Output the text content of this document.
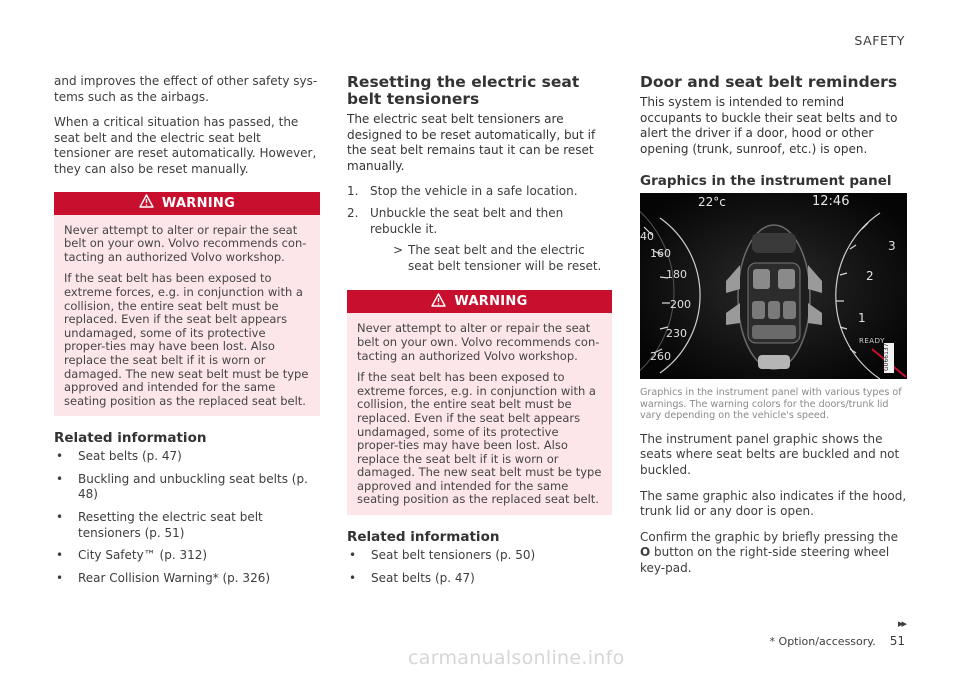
SAFETY

and improves the effect of other safety sys-tems such as the airbags.

When a critical situation has passed, the seat belt and the electric seat belt tensioner are reset automatically. However, they can also be reset manually.

WARNING

Never attempt to alter or repair the seat belt on your own. Volvo recommends con-tacting an authorized Volvo workshop.

If the seat belt has been exposed to extreme forces, e.g. in conjunction with a collision, the entire seat belt must be replaced. Even if the seat belt appears undamaged, some of its protective proper-ties may have been lost. Also replace the seat belt if it is worn or damaged. The new seat belt must be type approved and intended for the same seating position as the replaced seat belt.

Related information
• Seat belts (p. 47)
• Buckling and unbuckling seat belts (p. 48)
• Resetting the electric seat belt tensioners (p. 51)
• City Safety™ (p. 312)
• Rear Collision Warning* (p. 326)
Resetting the electric seat belt tensioners

The electric seat belt tensioners are designed to be reset automatically, but if the seat belt remains taut it can be reset manually.

1. Stop the vehicle in a safe location.
2. Unbuckle the seat belt and then rebuckle it.
> The seat belt and the electric seat belt tensioner will be reset.
WARNING

Never attempt to alter or repair the seat belt on your own. Volvo recommends con-tacting an authorized Volvo workshop.

If the seat belt has been exposed to extreme forces, e.g. in conjunction with a collision, the entire seat belt must be replaced. Even if the seat belt appears undamaged, some of its protective proper-ties may have been lost. Also replace the seat belt if it is worn or damaged. The new seat belt must be type approved and intended for the same seating position as the replaced seat belt.

Related information
• Seat belt tensioners (p. 50)
• Seat belts (p. 47)
Door and seat belt reminders

This system is intended to remind occupants to buckle their seat belts and to alert the driver if a door, hood or other opening (trunk, sunroof, etc.) is open.

Graphics in the instrument panel
22°c	12:46
40
160
180
200
230
260
3
2
1
READY
G066137
Graphics in the instrument panel with various types of warnings. The warning colors for the doors/trunk lid vary depending on the vehicle's speed.

The instrument panel graphic shows the seats where seat belts are buckled and not buckled.

The same graphic also indicates if the hood, trunk lid or any door is open.

Confirm the graphic by briefly pressing the O button on the right-side steering wheel key-pad.

▸▸
* Option/accessory. 51
carmanualsonline.info
